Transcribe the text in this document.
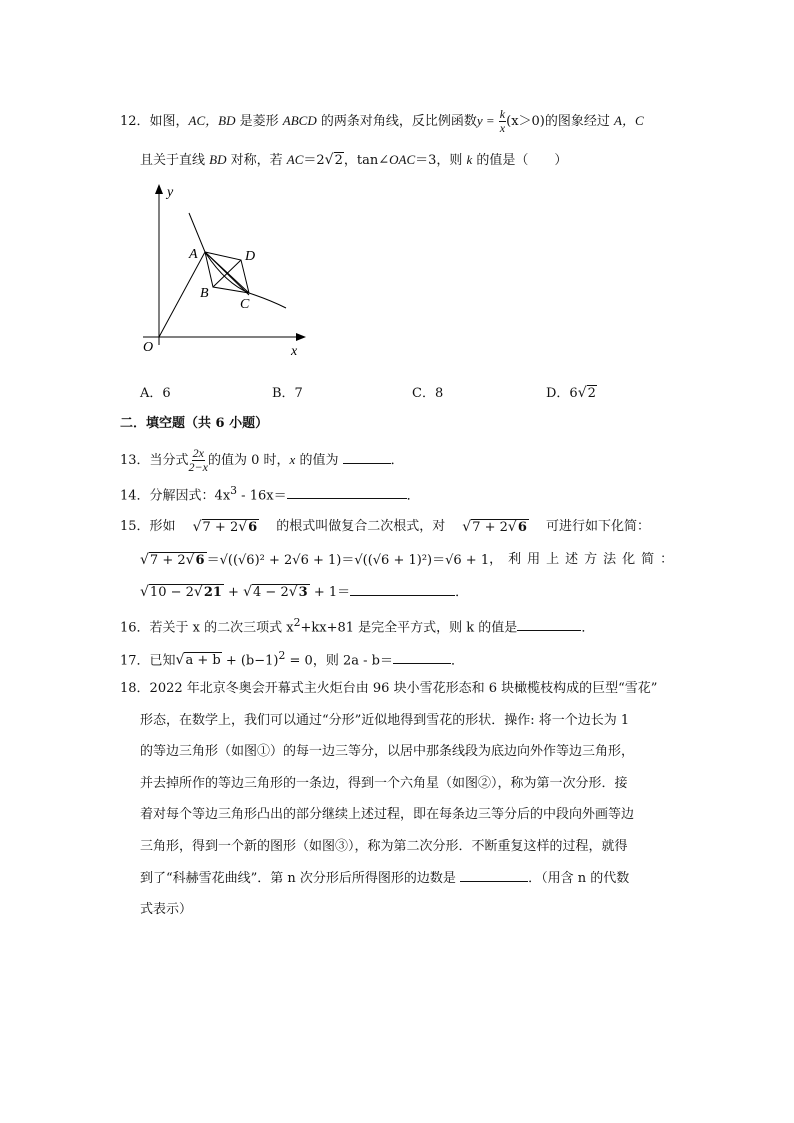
12．如图，AC，BD 是菱形 ABCD 的两条对角线，反比例函数$y = \frac{k}{x} (x>0)$的图象经过 A，C
且关于直线 BD 对称，若 AC＝2√2，tan∠OAC＝3，则 k 的值是（　　）
y
x
O
A	D
B
C
A．6	B．7	C．8	D．6√2
二．填空题（共 6 小题）
13．当分式 $\frac{2x}{2-x}$ 的值为 0 时，x 的值为	．
14．分解因式：$4x^3 - 16x=$	．
15．形如 √7 + 2√6 的根式叫做复合二次根式，对 √7 + 2√6 可进行如下化简：
√7 + 2√6 ＝√((√6)² + 2√6 + 1)＝√((√6 + 1)²)＝√6 + 1 ，利用上述方法化简：
√10 − 2√21 + √4 − 2√3 + 1＝	．
16．若关于 x 的二次三项式 $x^2+kx+81$ 是完全平方式，则 k 的值是	．
17．已知$√a + b + (b-1)^2 = 0$，则 2a - b＝	．
18．2022 年北京冬奥会开幕式主火炬台由 96 块小雪花形态和 6 块橄榄枝构成的巨型“雪花”
形态，在数学上，我们可以通过“分形”近似地得到雪花的形状．操作: 将一个边长为 1
的等边三角形（如图①）的每一边三等分，以居中那条线段为底边向外作等边三角形，
并去掉所作的等边三角形的一条边，得到一个六角星（如图②），称为第一次分形．接
着对每个等边三角形凸出的部分继续上述过程，即在每条边三等分后的中段向外画等边
三角形，得到一个新的图形（如图③），称为第二次分形．不断重复这样的过程，就得
到了“科赫雪花曲线”．第 n 次分形后所得图形的边数是	．（用含 n 的代数
式表示）
